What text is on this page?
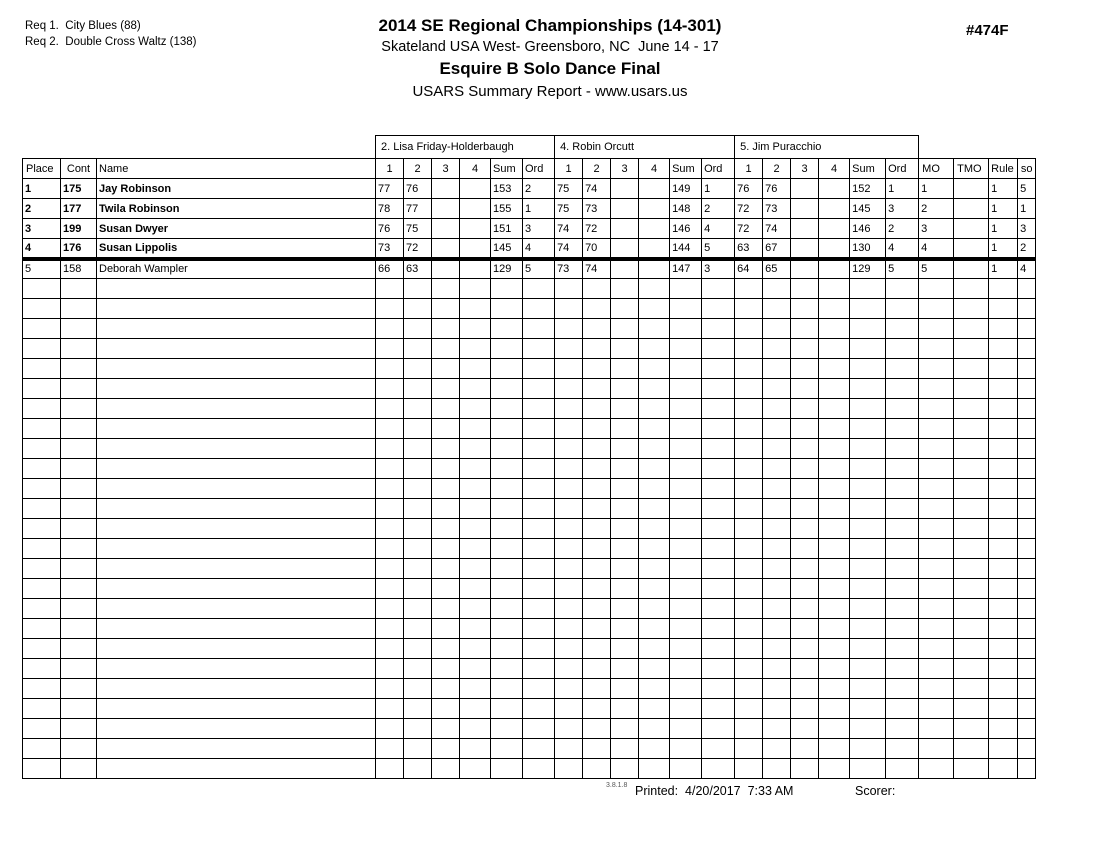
Req 1.  City Blues (88)
Req 2.  Double Cross Waltz (138)
2014 SE Regional Championships (14-301)
Skateland USA West- Greensboro, NC  June 14 - 17
Esquire B Solo Dance Final
USARS Summary Report - www.usars.us
#474F
			2. Lisa Friday-Holderbaugh						4. Robin Orcutt						5. Jim Puracchio									
Place	Cont	Name	1	2	3	4	Sum	Ord	1	2	3	4	Sum	Ord	1	2	3	4	Sum	Ord	MO	TMO	Rule	so
1	175	Jay Robinson	77	76			153	2	75	74			149	1	76	76			152	1	1		1	5
2	177	Twila Robinson	78	77			155	1	75	73			148	2	72	73			145	3	2		1	1
3	199	Susan Dwyer	76	75			151	3	74	72			146	4	72	74			146	2	3		1	3
4	176	Susan Lippolis	73	72			145	4	74	70			144	5	63	67			130	4	4		1	2
5	158	Deborah Wampler	66	63			129	5	73	74			147	3	64	65			129	5	5		1	4

3.8.1.8 Printed:  4/20/2017  7:33 AM	Scorer:
